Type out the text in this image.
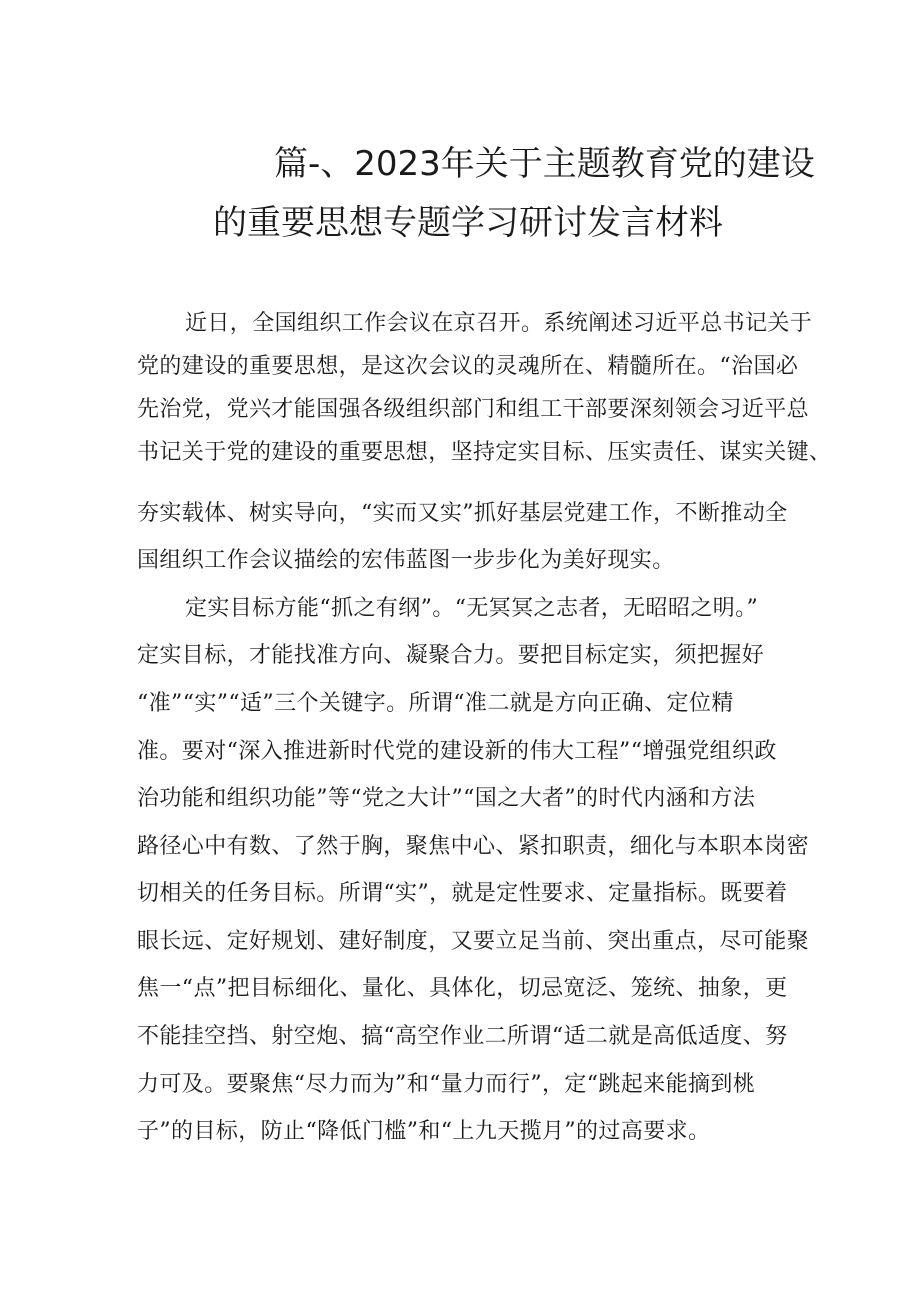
篇-、2023年关于主题教育党的建设
的重要思想专题学习研讨发言材料

近日，全国组织工作会议在京召开。系统阐述习近平总书记关于

党的建设的重要思想，是这次会议的灵魂所在、精髓所在。“治国必

先治党，党兴才能国强各级组织部门和组工干部要深刻领会习近平总

书记关于党的建设的重要思想，坚持定实目标、压实责任、谋实关键、

夯实载体、树实导向，“实而又实”抓好基层党建工作，不断推动全

国组织工作会议描绘的宏伟蓝图一步步化为美好现实。

定实目标方能“抓之有纲”。“无冥冥之志者，无昭昭之明。”

定实目标，才能找准方向、凝聚合力。要把目标定实，须把握好

“准”“实”“适”三个关键字。所谓“准二就是方向正确、定位精

准。要对“深入推进新时代党的建设新的伟大工程”“增强党组织政

治功能和组织功能”等“党之大计”“国之大者”的时代内涵和方法

路径心中有数、了然于胸，聚焦中心、紧扣职责，细化与本职本岗密

切相关的任务目标。所谓“实”，就是定性要求、定量指标。既要着

眼长远、定好规划、建好制度，又要立足当前、突出重点，尽可能聚

焦一“点”把目标细化、量化、具体化，切忌宽泛、笼统、抽象，更

不能挂空挡、射空炮、搞“高空作业二所谓“适二就是高低适度、努

力可及。要聚焦“尽力而为”和“量力而行”，定“跳起来能摘到桃

子”的目标，防止“降低门槛”和“上九天揽月”的过高要求。
